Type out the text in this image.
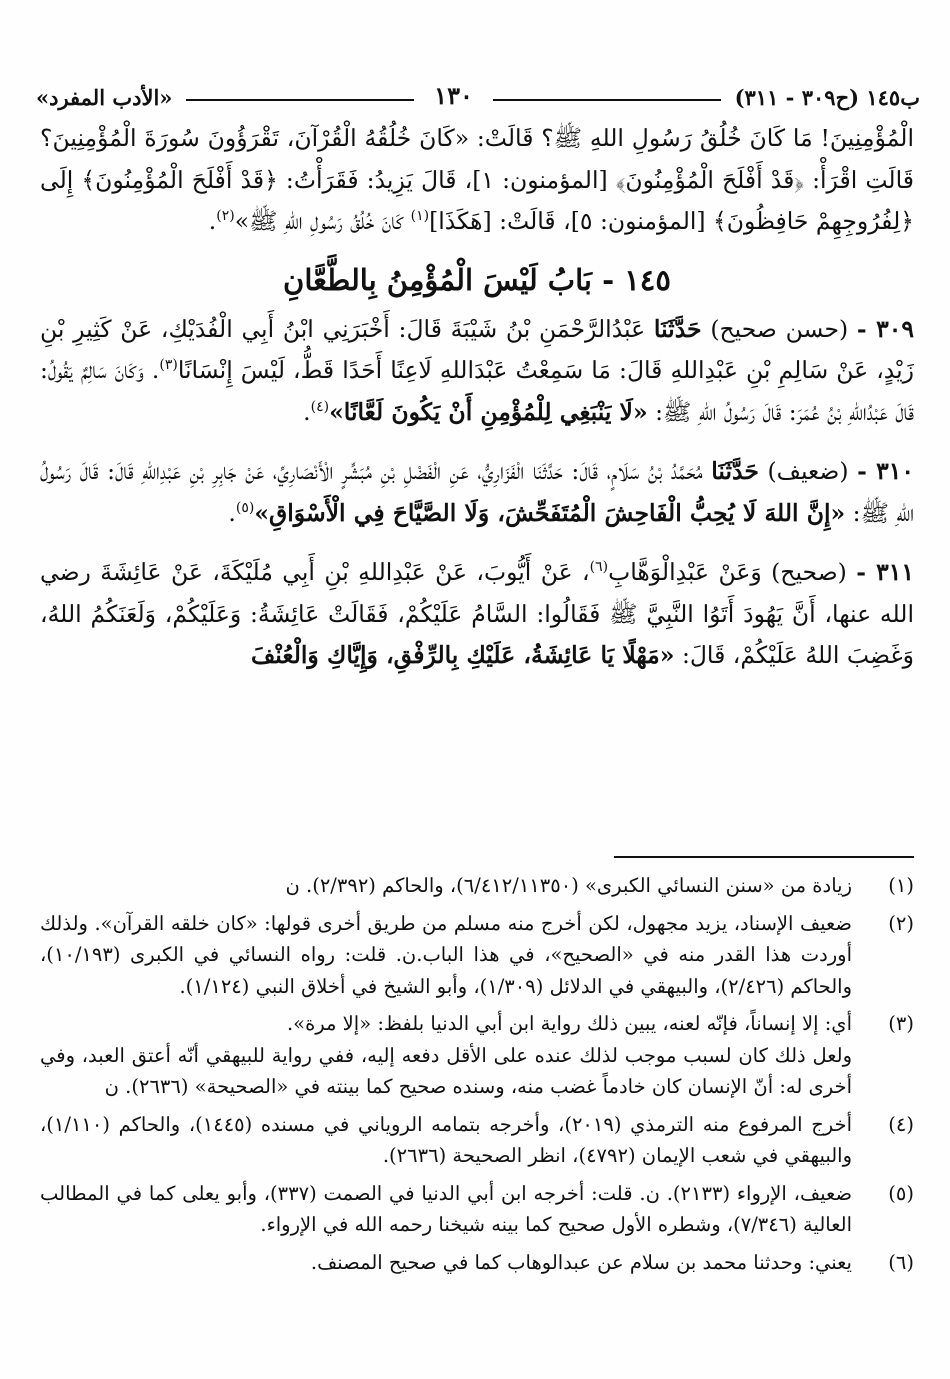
ب١٤٥ (ح٣٠٩ - ٣١١)
١٣٠
«الأدب المفرد»

الْمُؤْمِنِينَ! مَا كَانَ خُلُقُ رَسُولِ اللهِ ﷺ؟ قَالَتْ: «كَانَ خُلُقُهُ الْقُرْآنَ، تَقْرَؤُونَ سُورَةَ الْمُؤْمِنِينَ؟ قَالَتِ اقْرَأْ: ﴿قَدْ أَفْلَحَ الْمُؤْمِنُونَ﴾ [المؤمنون: ١]، قَالَ يَزِيدُ: فَقَرَأْتُ: ﴿قَدْ أَفْلَحَ الْمُؤْمِنُونَ﴾ إِلَى ﴿لِفُرُوجِهِمْ حَافِظُونَ﴾ [المؤمنون: ٥]، قَالَتْ: [هَكَذَا]$^{(١)}$ كَانَ خُلُقُ رَسُولِ اللهِ ﷺ»$^{(٢)}$.

١٤٥ - بَابُ لَيْسَ الْمُؤْمِنُ بِالطَّعَّانِ

٣٠٩ - (حسن صحيح) حَدَّثَنَا عَبْدُالرَّحْمَنِ بْنُ شَيْبَةَ قَالَ: أَخْبَرَنِي ابْنُ أَبِي الْفُدَيْكِ، عَنْ كَثِيرِ بْنِ زَيْدٍ، عَنْ سَالِمِ بْنِ عَبْدِاللهِ قَالَ: مَا سَمِعْتُ عَبْدَاللهِ لَاعِنًا أَحَدًا قَطُّ، لَيْسَ إِنْسَانًا$^{(٣)}$. وَكَانَ سَالِمٌ يَقُولُ: قَالَ عَبْدُاللهِ بْنُ عُمَرَ: قَالَ رَسُولُ اللهِ ﷺ: «لَا يَنْبَغِي لِلْمُؤْمِنِ أَنْ يَكُونَ لَعَّانًا»$^{(٤)}$.

٣١٠ - (ضعيف) حَدَّثَنَا مُحَمَّدُ بْنُ سَلَامٍ، قَالَ: حَدَّثَنَا الْفَزَارِيُّ، عَنِ الْفَضْلِ بْنِ مُبَشِّرٍ الْأَنْصَارِيِّ، عَنْ جَابِرِ بْنِ عَبْدِاللهِ قَالَ: قَالَ رَسُولُ اللهِ ﷺ: «إِنَّ اللهَ لَا يُحِبُّ الْفَاحِشَ الْمُتَفَحِّشَ، وَلَا الصَّيَّاحَ فِي الْأَسْوَاقِ»$^{(٥)}$.

٣١١ - (صحيح) وَعَنْ عَبْدِالْوَهَّابِ$^{(٦)}$، عَنْ أَيُّوبَ، عَنْ عَبْدِاللهِ بْنِ أَبِي مُلَيْكَةَ، عَنْ عَائِشَةَ رضي الله عنها، أَنَّ يَهُودَ أَتَوُا النَّبِيَّ ﷺ فَقَالُوا: السَّامُ عَلَيْكُمْ، فَقَالَتْ عَائِشَةُ: وَعَلَيْكُمْ، وَلَعَنَكُمُ اللهُ، وَغَضِبَ اللهُ عَلَيْكُمْ، قَالَ: «مَهْلًا يَا عَائِشَةُ، عَلَيْكِ بِالرِّفْقِ، وَإِيَّاكِ وَالْعُنْفَ

(١)

زيادة من «سنن النسائي الكبرى» (٦/٤١٢/١١٣٥٠)، والحاكم (٢/٣٩٢). ن

(٢)

ضعيف الإسناد، يزيد مجهول، لكن أخرج منه مسلم من طريق أخرى قولها: «كان خلقه القرآن». ولذلك أوردت هذا القدر منه في «الصحيح»، في هذا الباب.ن. قلت: رواه النسائي في الكبرى (١٠/١٩٣)، والحاكم (٢/٤٢٦)، والبيهقي في الدلائل (١/٣٠٩)، وأبو الشيخ في أخلاق النبي (١/١٢٤).

(٣)

أي: إلا إنساناً، فإنّه لعنه، يبين ذلك رواية ابن أبي الدنيا بلفظ: «إلا مرة».

ولعل ذلك كان لسبب موجب لذلك عنده على الأقل دفعه إليه، ففي رواية للبيهقي أنّه أعتق العبد، وفي أخرى له: أنّ الإنسان كان خادماً غضب منه، وسنده صحيح كما بينته في «الصحيحة» (٢٦٣٦). ن

(٤)

أخرج المرفوع منه الترمذي (٢٠١٩)، وأخرجه بتمامه الروياني في مسنده (١٤٤٥)، والحاكم (١/١١٠)، والبيهقي في شعب الإيمان (٤٧٩٢)، انظر الصحيحة (٢٦٣٦).

(٥)

ضعيف، الإرواء (٢١٣٣). ن. قلت: أخرجه ابن أبي الدنيا في الصمت (٣٣٧)، وأبو يعلى كما في المطالب العالية (٧/٣٤٦)، وشطره الأول صحيح كما بينه شيخنا رحمه الله في الإرواء.

(٦)

يعني: وحدثنا محمد بن سلام عن عبدالوهاب كما في صحيح المصنف.
